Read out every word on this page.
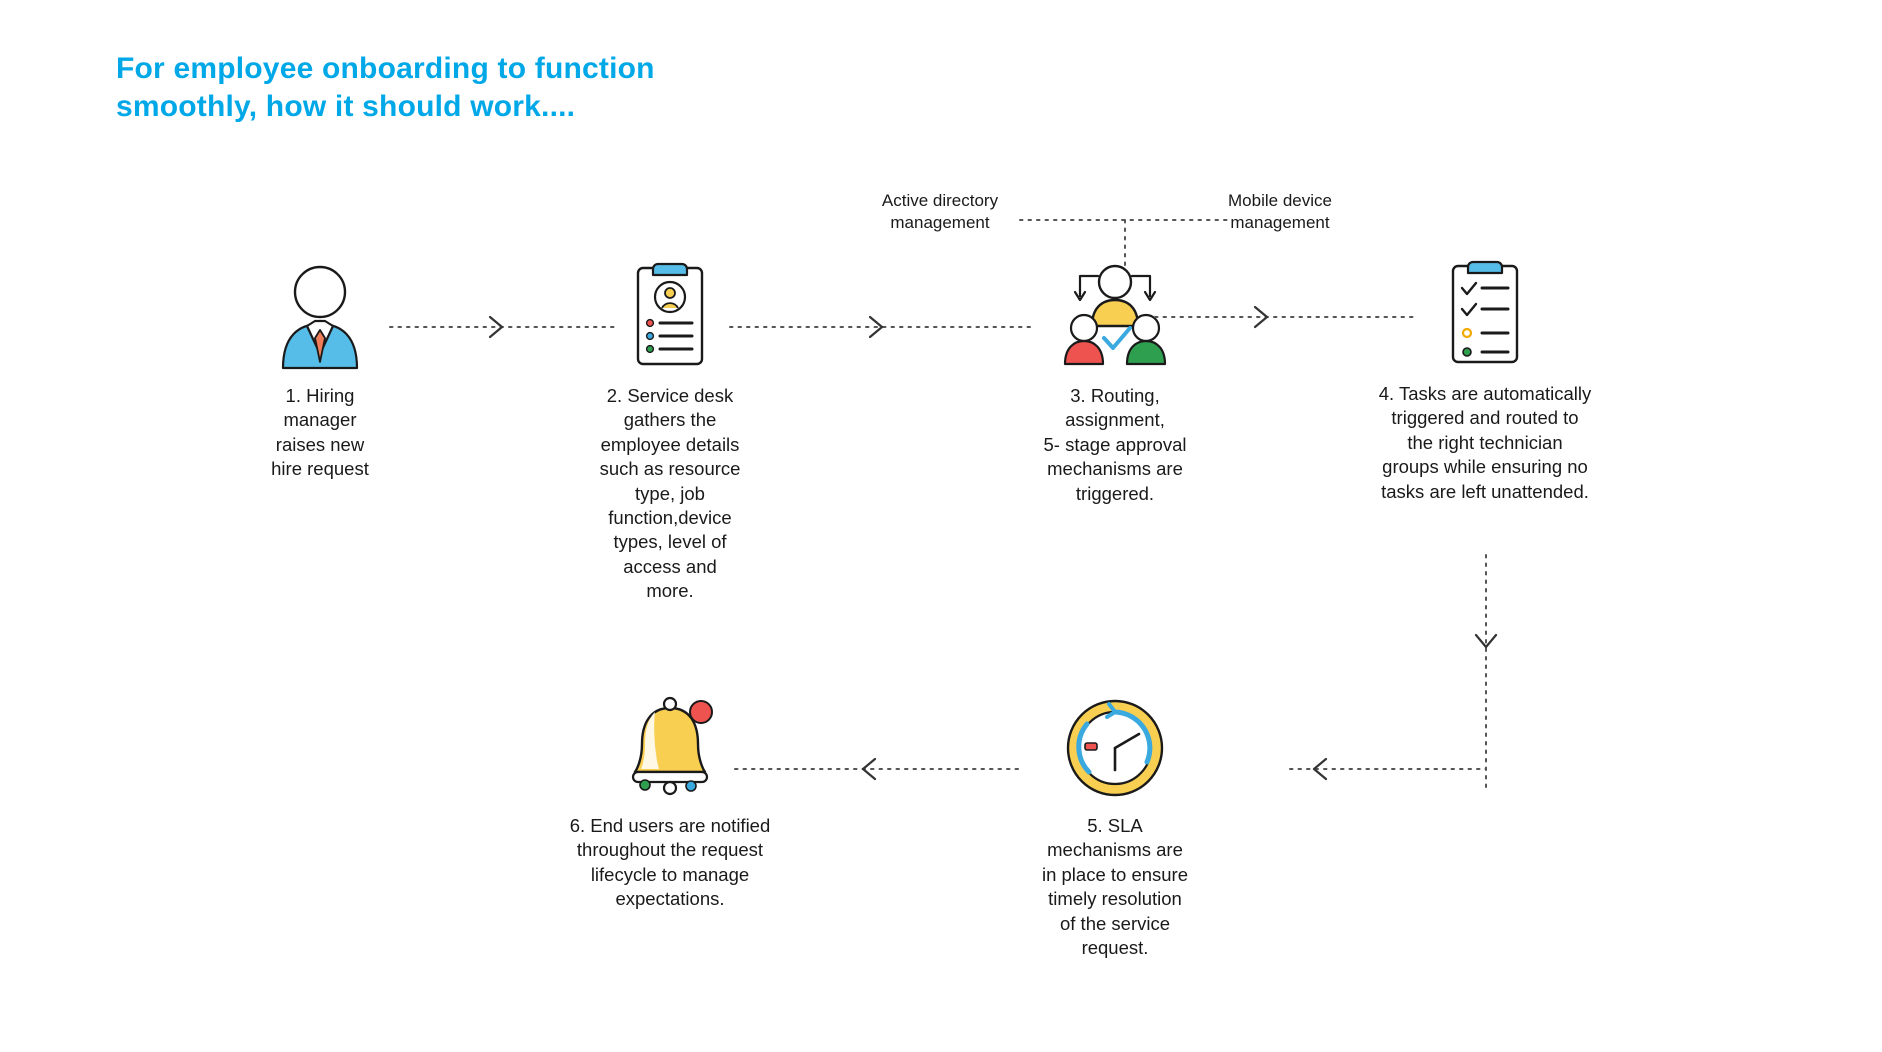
For employee onboarding to function
smoothly, how it should work....
Active directory
management
Mobile device
management
1. Hiring
manager
raises new
hire request
2. Service desk
gathers the
employee details
such as resource
type, job
function,device
types, level of
access and
more.
3. Routing,
assignment,
5- stage approval
mechanisms are
triggered.
4. Tasks are automatically
triggered and routed to
the right technician
groups while ensuring no
tasks are left unattended.
5. SLA
mechanisms are
in place to ensure
timely resolution
of the service
request.
6. End users are notified
throughout the request
lifecycle to manage
expectations.
